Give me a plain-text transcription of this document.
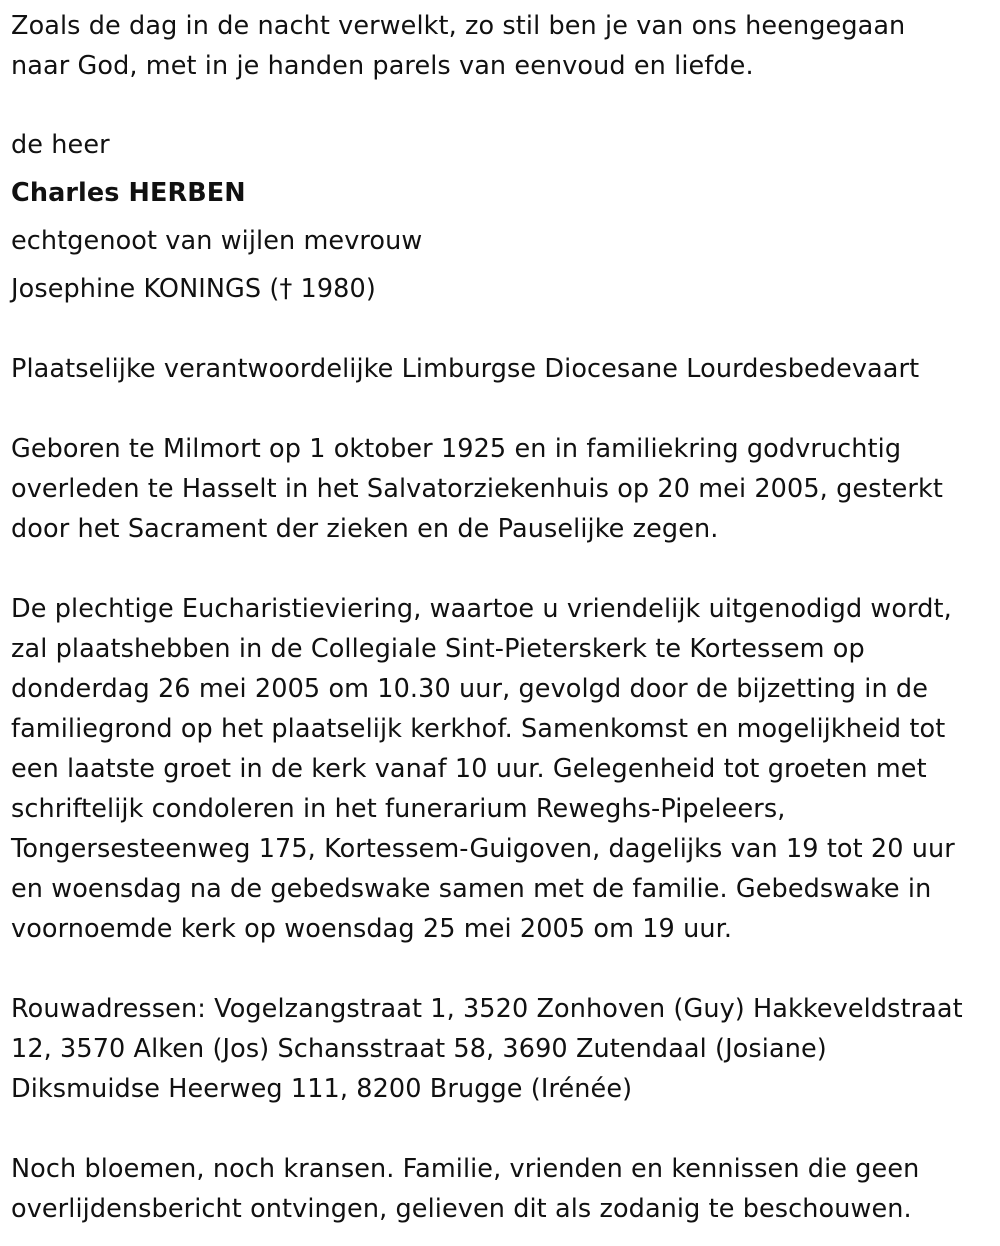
Zoals de dag in de nacht verwelkt, zo stil ben je van ons heengegaan
naar God, met in je handen parels van eenvoud en liefde.

de heer

Charles HERBEN

echtgenoot van wijlen mevrouw

Josephine KONINGS († 1980)

Plaatselijke verantwoordelijke Limburgse Diocesane Lourdesbedevaart

Geboren te Milmort op 1 oktober 1925 en in familiekring godvruchtig
overleden te Hasselt in het Salvatorziekenhuis op 20 mei 2005, gesterkt
door het Sacrament der zieken en de Pauselijke zegen.

De plechtige Eucharistieviering, waartoe u vriendelijk uitgenodigd wordt,
zal plaatshebben in de Collegiale Sint-Pieterskerk te Kortessem op
donderdag 26 mei 2005 om 10.30 uur, gevolgd door de bijzetting in de
familiegrond op het plaatselijk kerkhof. Samenkomst en mogelijkheid tot
een laatste groet in de kerk vanaf 10 uur. Gelegenheid tot groeten met
schriftelijk condoleren in het funerarium Reweghs-Pipeleers,
Tongersesteenweg 175, Kortessem-Guigoven, dagelijks van 19 tot 20 uur
en woensdag na de gebedswake samen met de familie. Gebedswake in
voornoemde kerk op woensdag 25 mei 2005 om 19 uur.

Rouwadressen: Vogelzangstraat 1, 3520 Zonhoven (Guy) Hakkeveldstraat
12, 3570 Alken (Jos) Schansstraat 58, 3690 Zutendaal (Josiane)
Diksmuidse Heerweg 111, 8200 Brugge (Irénée)

Noch bloemen, noch kransen. Familie, vrienden en kennissen die geen
overlijdensbericht ontvingen, gelieven dit als zodanig te beschouwen.
